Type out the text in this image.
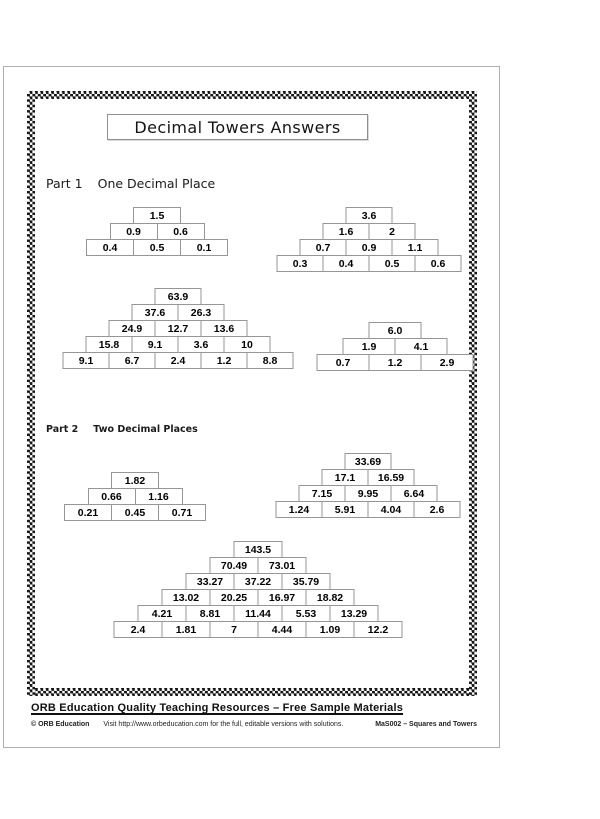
Decimal Towers Answers
Part 1 One Decimal Place
Part 2 Two Decimal Places
1.5
0.9	0.6
0.4	0.5	0.1
3.6
1.6	2
0.7	0.9	1.1
0.3	0.4	0.5	0.6
63.9
37.6	26.3
24.9	12.7	13.6
15.8	9.1	3.6	10
9.1	6.7	2.4	1.2	8.8
6.0
1.9	4.1
0.7	1.2	2.9
1.82
0.66	1.16
0.21	0.45	0.71
33.69
17.1	16.59
7.15	9.95	6.64
1.24	5.91	4.04	2.6
143.5
70.49	73.01
33.27	37.22	35.79
13.02	20.25	16.97	18.82
4.21	8.81	11.44	5.53	13.29
2.4	1.81	7	4.44	1.09	12.2
ORB Education Quality Teaching Resources – Free Sample Materials
© ORB Education Visit http://www.orbeducation.com for the full, editable versions with solutions.	MaS002 – Squares and Towers
